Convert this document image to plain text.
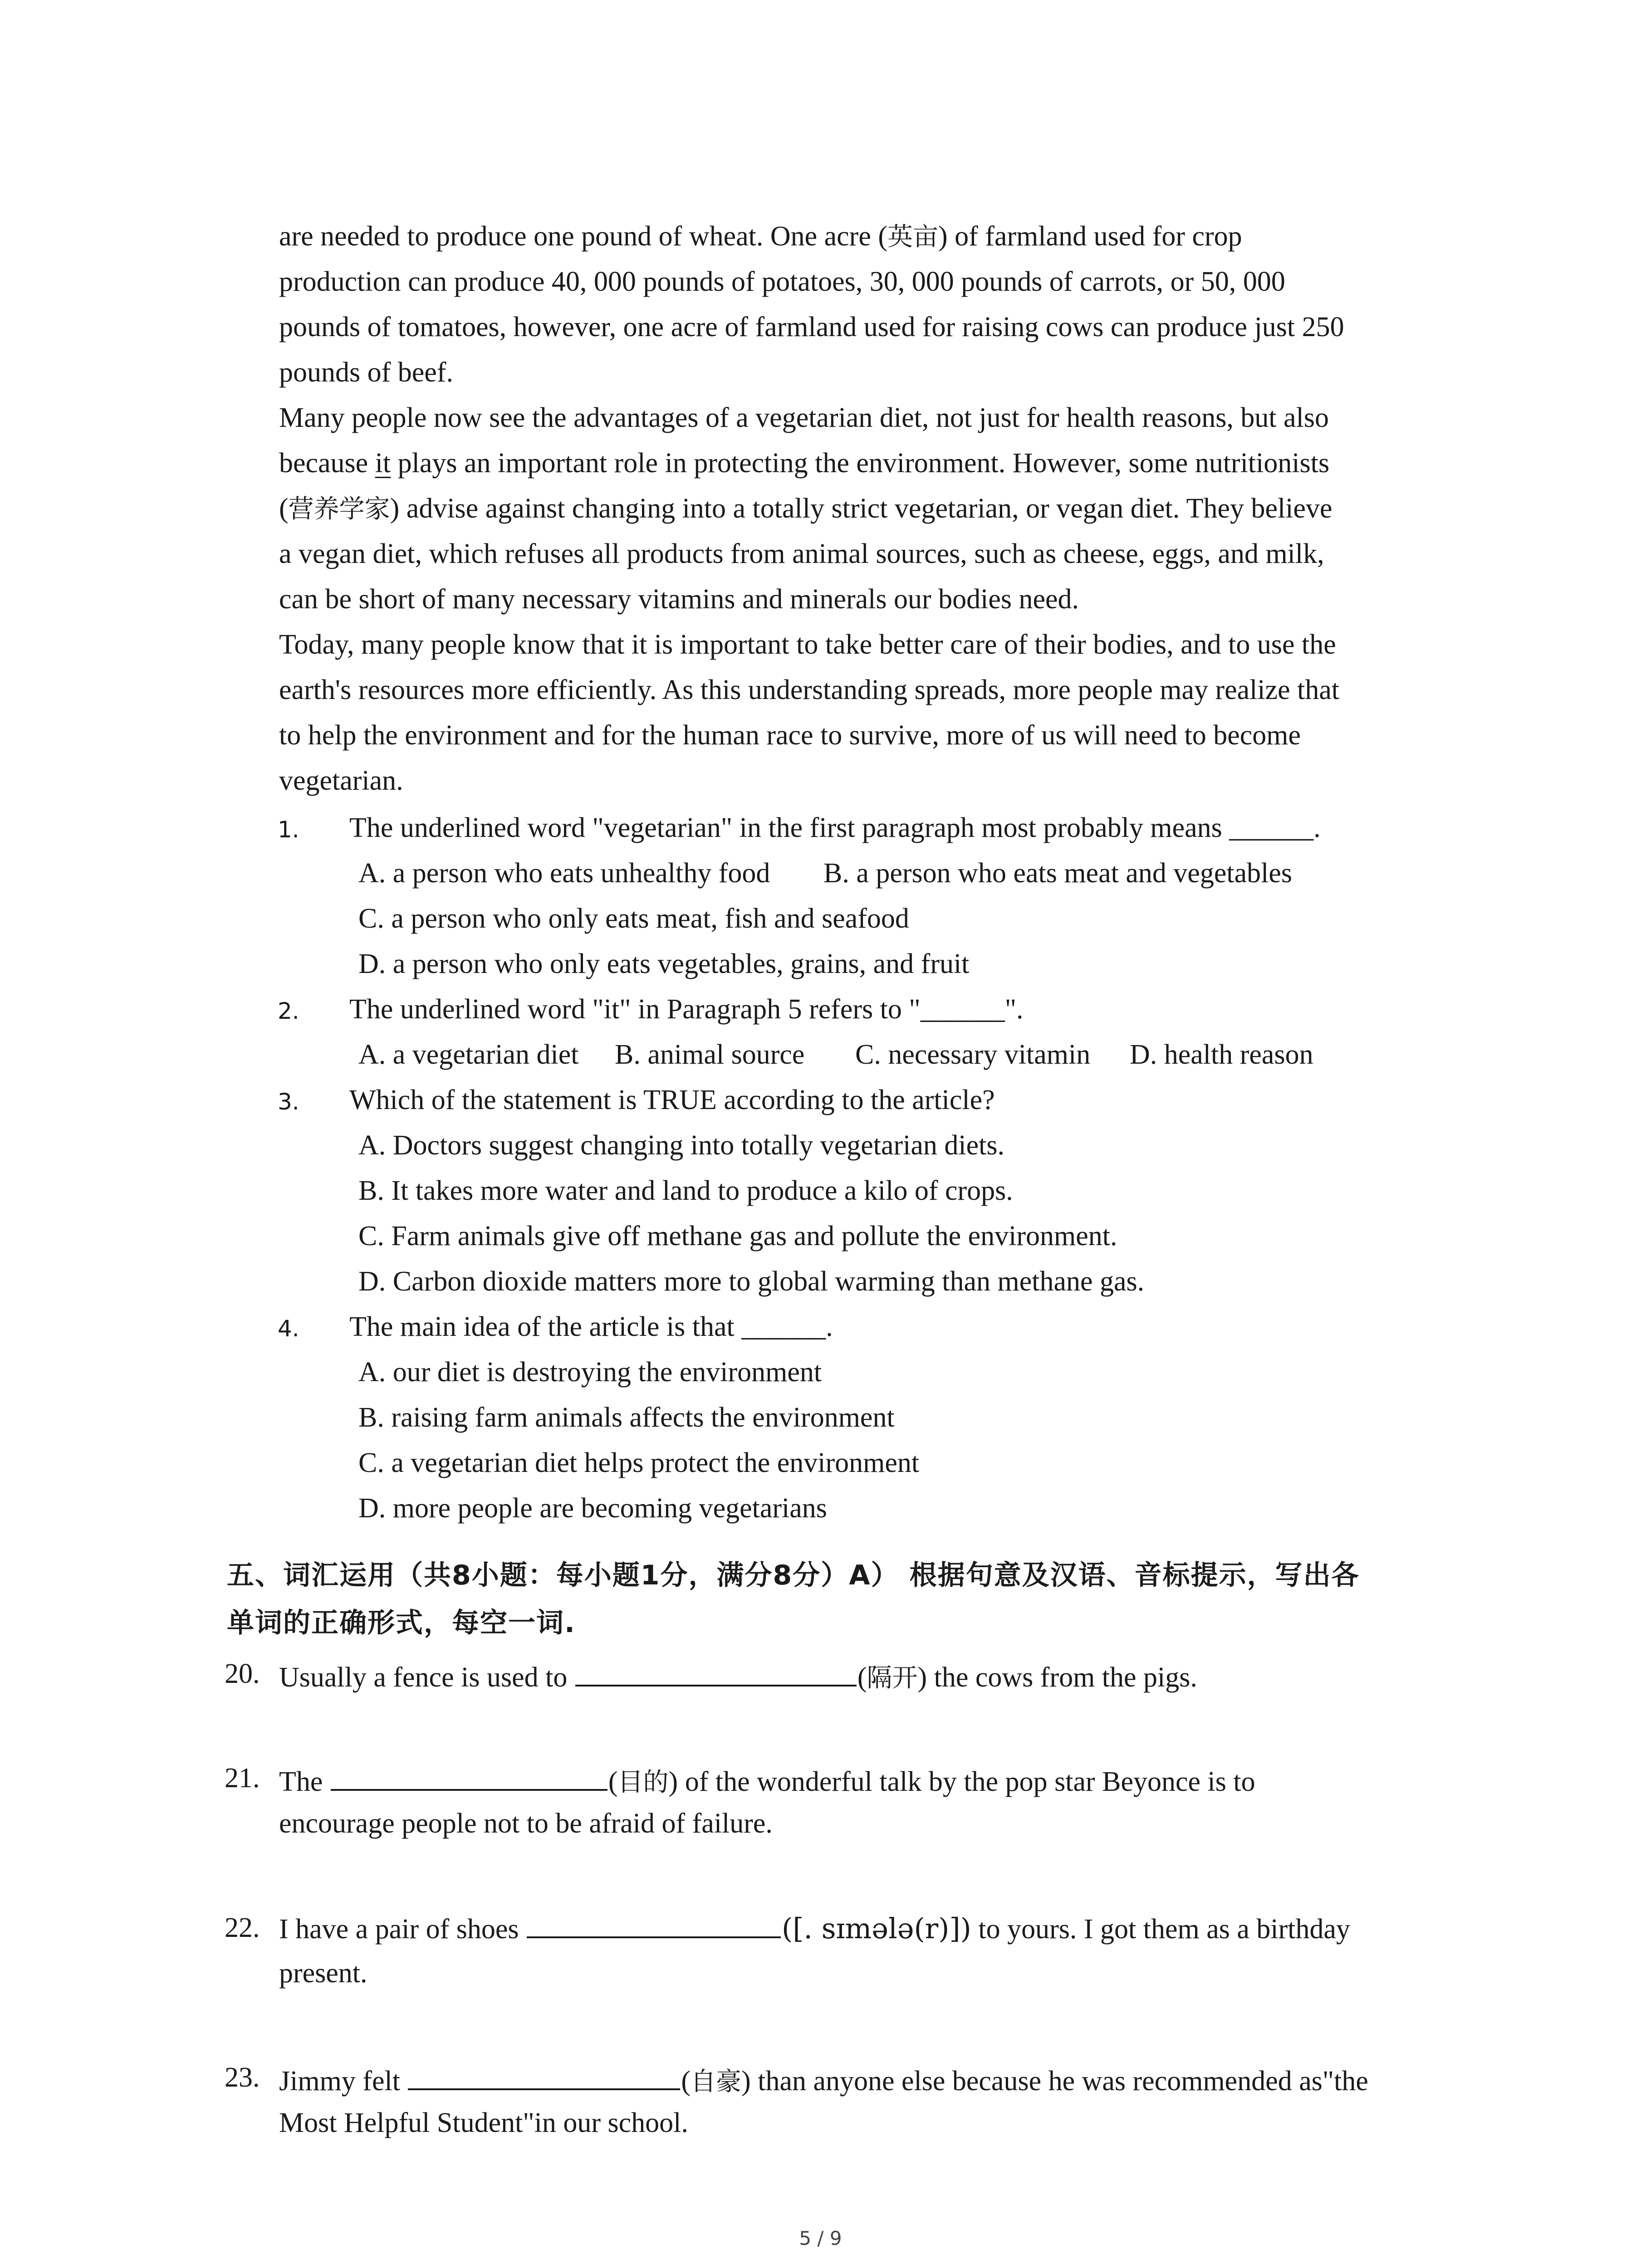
are needed to produce one pound of wheat. One acre (英亩) of farmland used for crop

production can produce 40, 000 pounds of potatoes, 30, 000 pounds of carrots, or 50, 000

pounds of tomatoes, however, one acre of farmland used for raising cows can produce just 250

pounds of beef.

Many people now see the advantages of a vegetarian diet, not just for health reasons, but also

because it plays an important role in protecting the environment. However, some nutritionists

(营养学家) advise against changing into a totally strict vegetarian, or vegan diet. They believe

a vegan diet, which refuses all products from animal sources, such as cheese, eggs, and milk,

can be short of many necessary vitamins and minerals our bodies need.

Today, many people know that it is important to take better care of their bodies, and to use the

earth's resources more efficiently. As this understanding spreads, more people may realize that

to help the environment and for the human race to survive, more of us will need to become

vegetarian.

1. The underlined word "vegetarian" in the first paragraph most probably means ______.
A. a person who eats unhealthy food B. a person who eats meat and vegetables
C. a person who only eats meat, fish and seafood
D. a person who only eats vegetables, grains, and fruit
2. The underlined word "it" in Paragraph 5 refers to "______".
A. a vegetarian diet B. animal source C. necessary vitamin D. health reason
3. Which of the statement is TRUE according to the article?
A. Doctors suggest changing into totally vegetarian diets.
B. It takes more water and land to produce a kilo of crops.
C. Farm animals give off methane gas and pollute the environment.
D. Carbon dioxide matters more to global warming than methane gas.
4. The main idea of the article is that ______.
A. our diet is destroying the environment
B. raising farm animals affects the environment
C. a vegetarian diet helps protect the environment
D. more people are becoming vegetarians
五、词汇运用（共8小题：每小题1分，满分8分）A） 根据句意及汉语、音标提示，写出各
单词的正确形式，每空一词.
20. Usually a fence is used to	(隔开) the cows from the pigs.
21. The	(目的) of the wonderful talk by the pop star Beyonce is to
encourage people not to be afraid of failure.
22. I have a pair of shoes	([. sɪmələ(r)]) to yours. I got them as a birthday
present.
23. Jimmy felt	(自豪) than anyone else because he was recommended as"the
Most Helpful Student"in our school.
5 / 9
